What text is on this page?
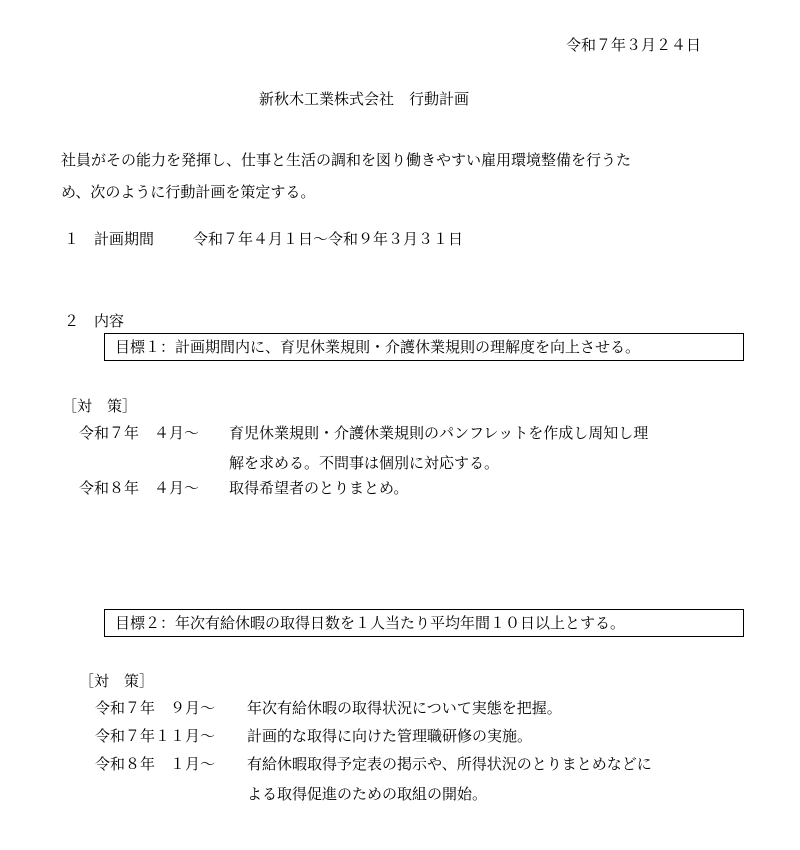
令和７年３月２４日
新秋木工業株式会社　行動計画
社員がその能力を発揮し、仕事と生活の調和を図り働きやすい雇用環境整備を行うた
め、次のように行動計画を策定する。
１ 計画期間	令和７年４月１日～令和９年３月３１日
２ 内容
目標１：計画期間内に、育児休業規則・介護休業規則の理解度を向上させる。
［対　策］
令和７年　４月～ 育児休業規則・介護休業規則のパンフレットを作成し周知し理
解を求める。不問事は個別に対応する。
令和８年　４月～ 取得希望者のとりまとめ。
目標２：年次有給休暇の取得日数を１人当たり平均年間１０日以上とする。
［対　策］
令和７年　９月～ 年次有給休暇の取得状況について実態を把握。
令和７年１１月～ 計画的な取得に向けた管理職研修の実施。
令和８年　１月～ 有給休暇取得予定表の掲示や、所得状況のとりまとめなどに
よる取得促進のための取組の開始。
